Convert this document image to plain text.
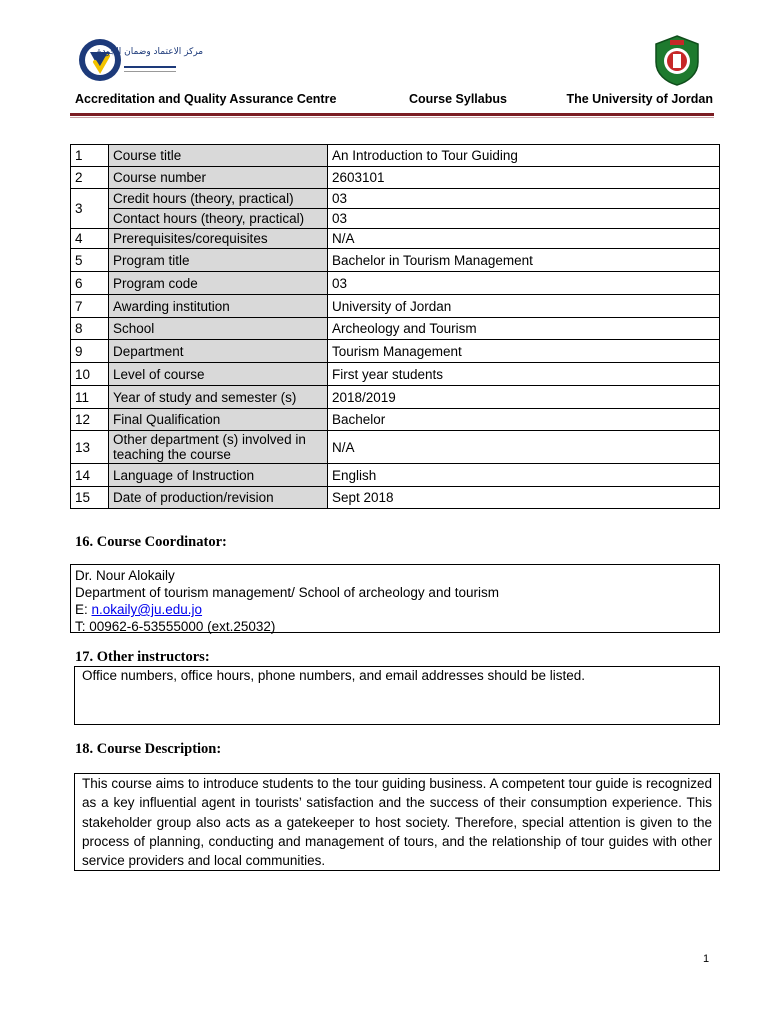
مركز الاعتماد وضمان الجودة
Accreditation and Quality Assurance Centre	Course Syllabus	The University of Jordan
1	Course title	An Introduction to Tour Guiding
2	Course number	2603101
3	Credit hours (theory, practical)	03
	Contact hours (theory, practical)	03
4	Prerequisites/corequisites	N/A
5	Program title	Bachelor in Tourism Management
6	Program code	03
7	Awarding institution	University of Jordan
8	School	Archeology and Tourism
9	Department	Tourism Management
10	Level of course	First year students
11	Year of study and semester (s)	2018/2019
12	Final Qualification	Bachelor
13	Other department (s) involved in teaching the course	N/A
14	Language of Instruction	English
15	Date of production/revision	Sept 2018
16. Course Coordinator:
Dr. Nour Alokaily
Department of tourism management/ School of archeology and tourism
E: n.okaily@ju.edu.jo
T: 00962-6-53555000 (ext.25032)
17. Other instructors:
Office numbers, office hours, phone numbers, and email addresses should be listed.
18. Course Description:
This course aims to introduce students to the tour guiding business. A competent tour guide is recognized as a key influential agent in tourists’ satisfaction and the success of their consumption experience. This stakeholder group also acts as a gatekeeper to host society. Therefore, special attention is given to the process of planning, conducting and management of tours, and the relationship of tour guides with other service providers and local communities.
1
